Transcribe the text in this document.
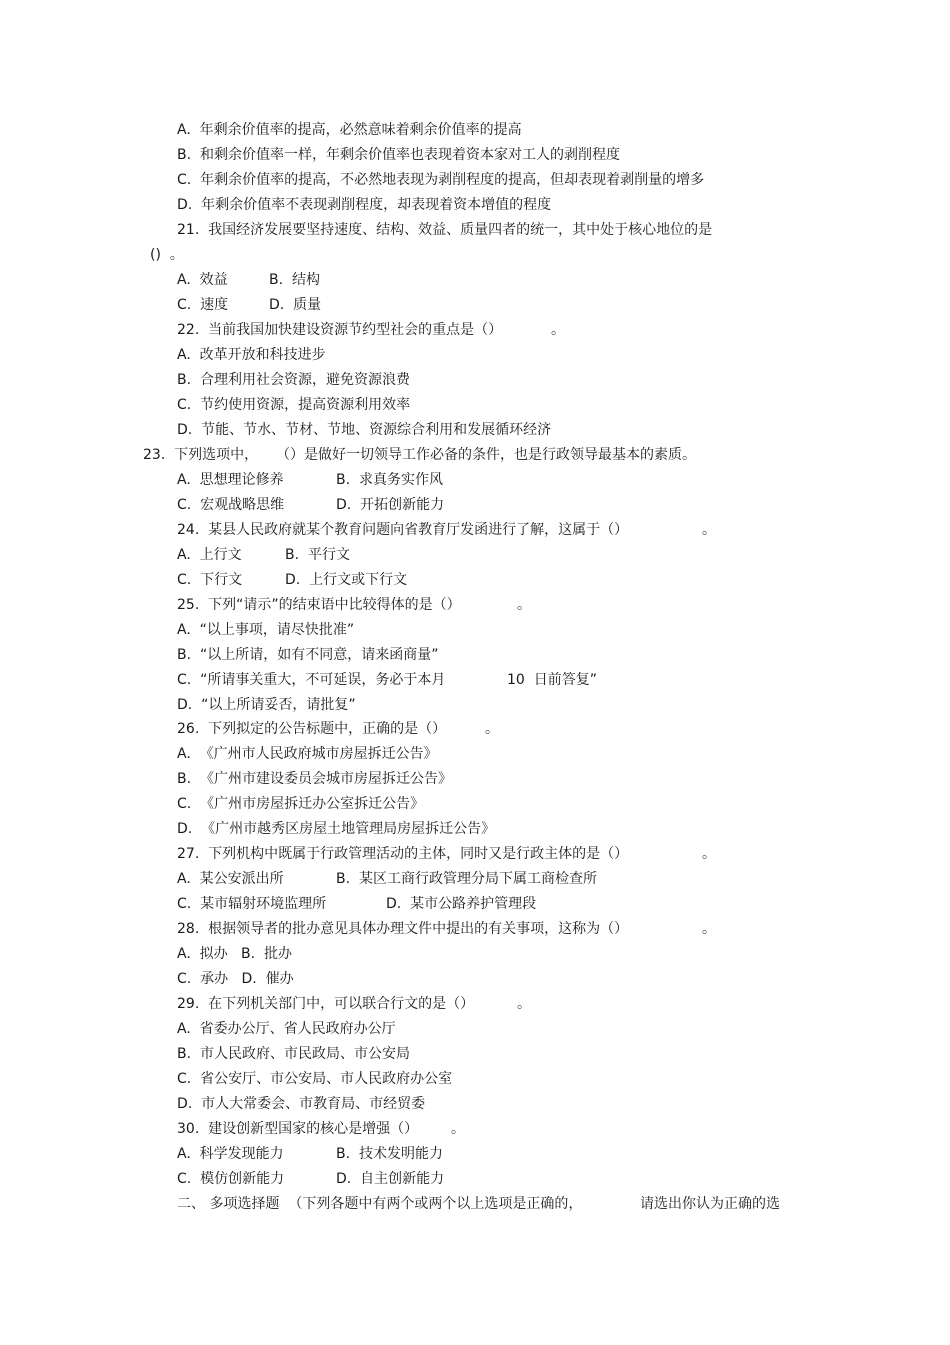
A.  年剩余价值率的提高，必然意味着剩余价值率的提高
B.  和剩余价值率一样，年剩余价值率也表现着资本家对工人的剥削程度
C.  年剩余价值率的提高，不必然地表现为剥削程度的提高，但却表现着剥削量的增多
D.  年剩余价值率不表现剥削程度，却表现着资本增值的程度
21.  我国经济发展要坚持速度、结构、效益、质量四者的统一，其中处于核心地位的是
()  。
A.  效益	B.  结构
C.  速度	D.  质量
22.  当前我国加快建设资源节约型社会的重点是（）	。
A.  改革开放和科技进步
B.  合理利用社会资源，避免资源浪费
C.  节约使用资源，提高资源利用效率
D.  节能、节水、节材、节地、资源综合利用和发展循环经济
23.  下列选项中，    （）是做好一切领导工作必备的条件，也是行政领导最基本的素质。
A.  思想理论修养	B.  求真务实作风
C.  宏观战略思维	D.  开拓创新能力
24.  某县人民政府就某个教育问题向省教育厅发函进行了解，这属于（）	。
A.  上行文	B.  平行文
C.  下行文	D.  上行文或下行文
25.  下列“请示”的结束语中比较得体的是（）	。
A.  “以上事项，请尽快批准”
B.  “以上所请，如有不同意，请来函商量”
C.  “所请事关重大，不可延误，务必于本月	10  日前答复”
D.  “以上所请妥否，请批复”
26.  下列拟定的公告标题中，正确的是（）	。
A.  《广州市人民政府城市房屋拆迁公告》
B.  《广州市建设委员会城市房屋拆迁公告》
C.  《广州市房屋拆迁办公室拆迁公告》
D.  《广州市越秀区房屋土地管理局房屋拆迁公告》
27.  下列机构中既属于行政管理活动的主体，同时又是行政主体的是（）	。
A.  某公安派出所	B.  某区工商行政管理分局下属工商检查所
C.  某市辐射环境监理所	D.  某市公路养护管理段
28.  根据领导者的批办意见具体办理文件中提出的有关事项，这称为（）	。
A.  拟办   B.  批办
C.  承办   D.  催办
29.  在下列机关部门中，可以联合行文的是（）	。
A.  省委办公厅、省人民政府办公厅
B.  市人民政府、市民政局、市公安局
C.  省公安厅、市公安局、市人民政府办公室
D.  市人大常委会、市教育局、市经贸委
30.  建设创新型国家的核心是增强（） 。
A.  科学发现能力	B.  技术发明能力
C.  模仿创新能力	D.  自主创新能力
二、 多项选择题  （下列各题中有两个或两个以上选项是正确的，	请选出你认为正确的选
